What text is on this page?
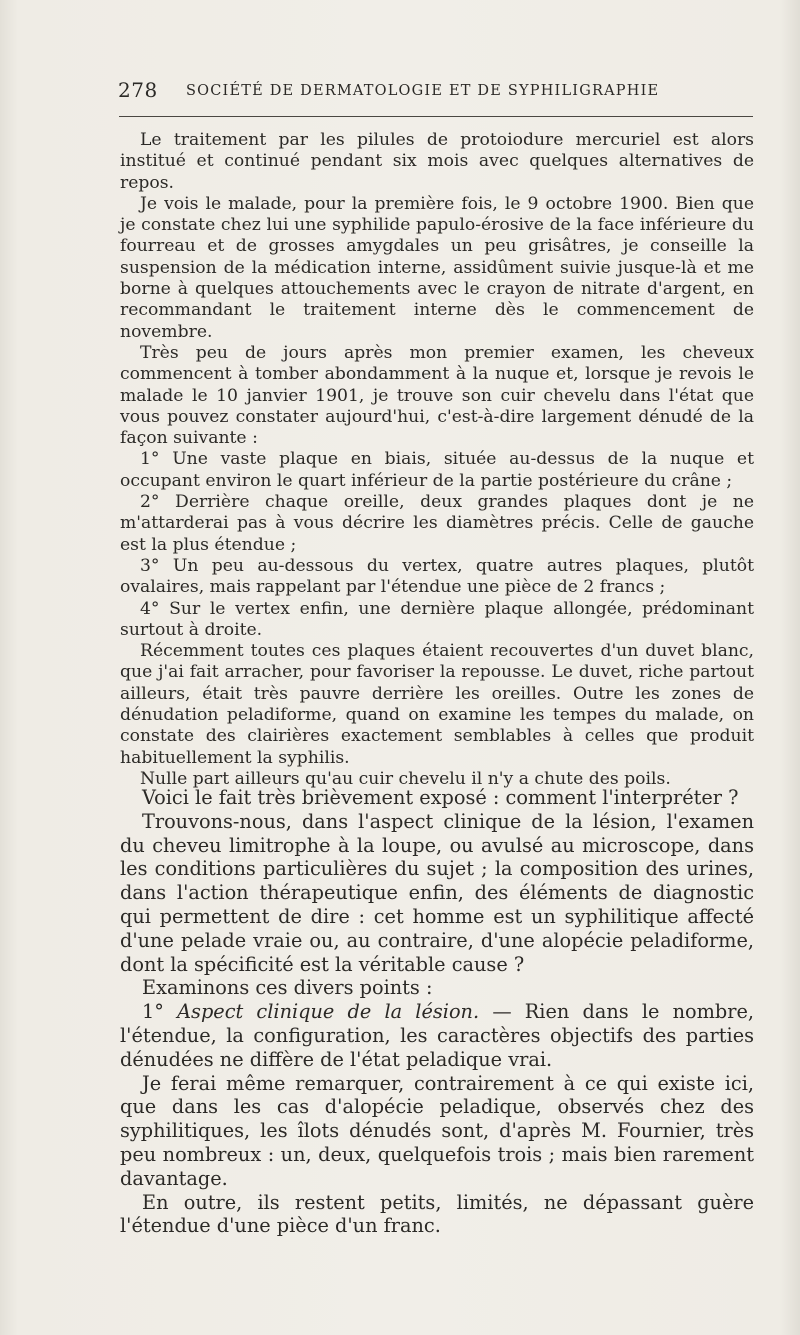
278 SOCIÉTÉ DE DERMATOLOGIE ET DE SYPHILIGRAPHIE

Le traitement par les pilules de protoiodure mercuriel est alors institué et continué pendant six mois avec quelques alternatives de repos.

Je vois le malade, pour la première fois, le 9 octobre 1900. Bien que je constate chez lui une syphilide papulo-érosive de la face inférieure du fourreau et de grosses amygdales un peu grisâtres, je conseille la suspension de la médication interne, assidûment suivie jusque-là et me borne à quelques attouchements avec le crayon de nitrate d'argent, en recommandant le traitement interne dès le commencement de novembre.

Très peu de jours après mon premier examen, les cheveux commencent à tomber abondamment à la nuque et, lorsque je revois le malade le 10 janvier 1901, je trouve son cuir chevelu dans l'état que vous pouvez constater aujourd'hui, c'est-à-dire largement dénudé de la façon suivante :

1° Une vaste plaque en biais, située au-dessus de la nuque et occupant environ le quart inférieur de la partie postérieure du crâne ;

2° Derrière chaque oreille, deux grandes plaques dont je ne m'attarderai pas à vous décrire les diamètres précis. Celle de gauche est la plus étendue ;

3° Un peu au-dessous du vertex, quatre autres plaques, plutôt ovalaires, mais rappelant par l'étendue une pièce de 2 francs ;

4° Sur le vertex enfin, une dernière plaque allongée, prédominant surtout à droite.

Récemment toutes ces plaques étaient recouvertes d'un duvet blanc, que j'ai fait arracher, pour favoriser la repousse. Le duvet, riche partout ailleurs, était très pauvre derrière les oreilles. Outre les zones de dénudation peladiforme, quand on examine les tempes du malade, on constate des clairières exactement semblables à celles que produit habituellement la syphilis.

Nulle part ailleurs qu'au cuir chevelu il n'y a chute des poils.

Voici le fait très brièvement exposé : comment l'interpréter ?

Trouvons-nous, dans l'aspect clinique de la lésion, l'examen du cheveu limitrophe à la loupe, ou avulsé au microscope, dans les conditions particulières du sujet ; la composition des urines, dans l'action thérapeutique enfin, des éléments de diagnostic qui permettent de dire : cet homme est un syphilitique affecté d'une pelade vraie ou, au contraire, d'une alopécie peladiforme, dont la spécificité est la véritable cause ?

Examinons ces divers points :

1° Aspect clinique de la lésion. — Rien dans le nombre, l'étendue, la configuration, les caractères objectifs des parties dénudées ne diffère de l'état peladique vrai.

Je ferai même remarquer, contrairement à ce qui existe ici, que dans les cas d'alopécie peladique, observés chez des syphilitiques, les îlots dénudés sont, d'après M. Fournier, très peu nombreux : un, deux, quelquefois trois ; mais bien rarement davantage.

En outre, ils restent petits, limités, ne dépassant guère l'étendue d'une pièce d'un franc.
